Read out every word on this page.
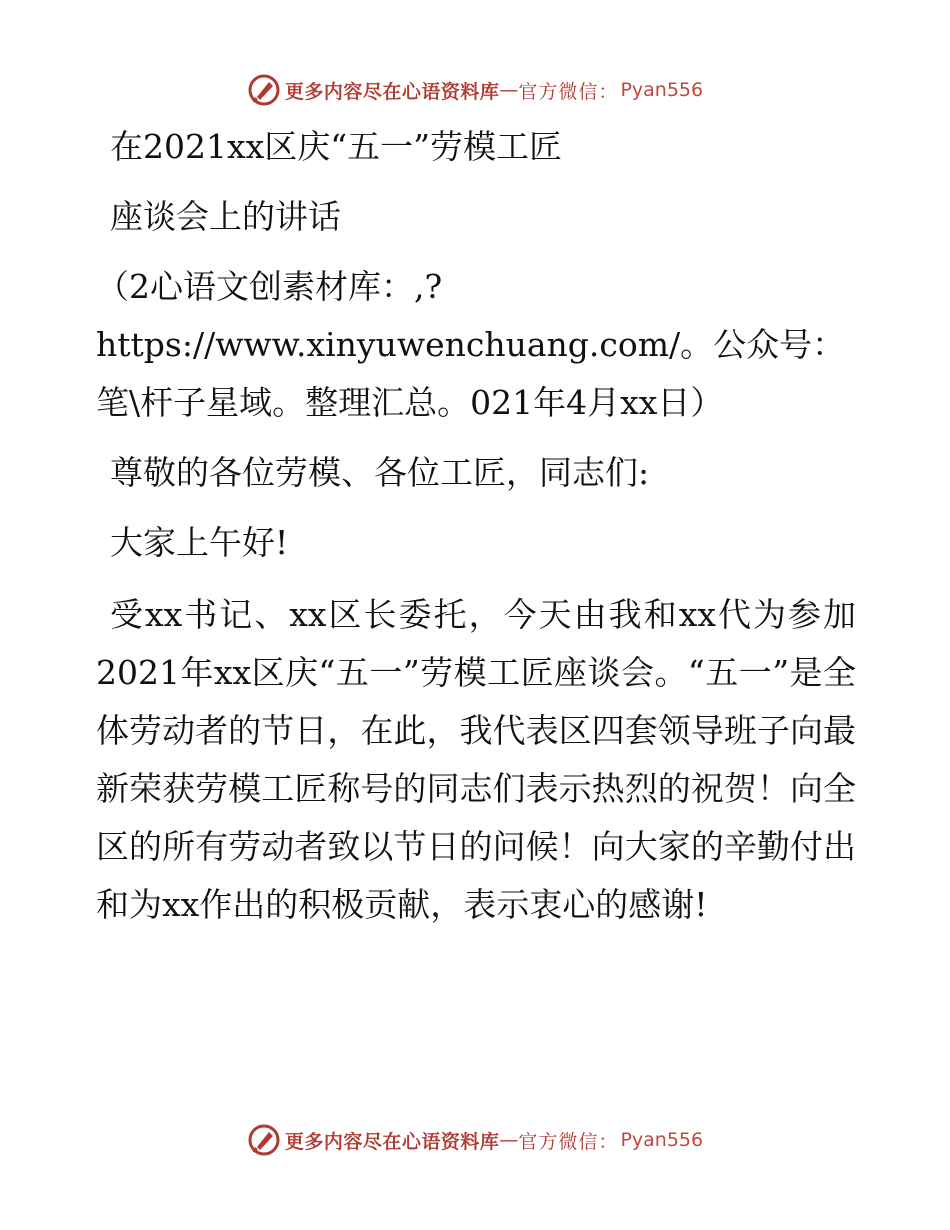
更多内容尽在心语资料库 — 官方微信： Pyan556

在2021xx区庆“五一”劳模工匠

座谈会上的讲话

（2心语文创素材库：,?https://www.xinyuwenchuang.com/。公众号：笔\杆子星域。整理汇总。021年4月xx日）

尊敬的各位劳模、各位工匠，同志们:

大家上午好!

受xx书记、xx区长委托，今天由我和xx代为参加2021年xx区庆“五一”劳模工匠座谈会。“五一”是全体劳动者的节日，在此，我代表区四套领导班子向最新荣获劳模工匠称号的同志们表示热烈的祝贺！向全区的所有劳动者致以节日的问候！向大家的辛勤付出和为xx作出的积极贡献，表示衷心的感谢!

更多内容尽在心语资料库 — 官方微信： Pyan556
